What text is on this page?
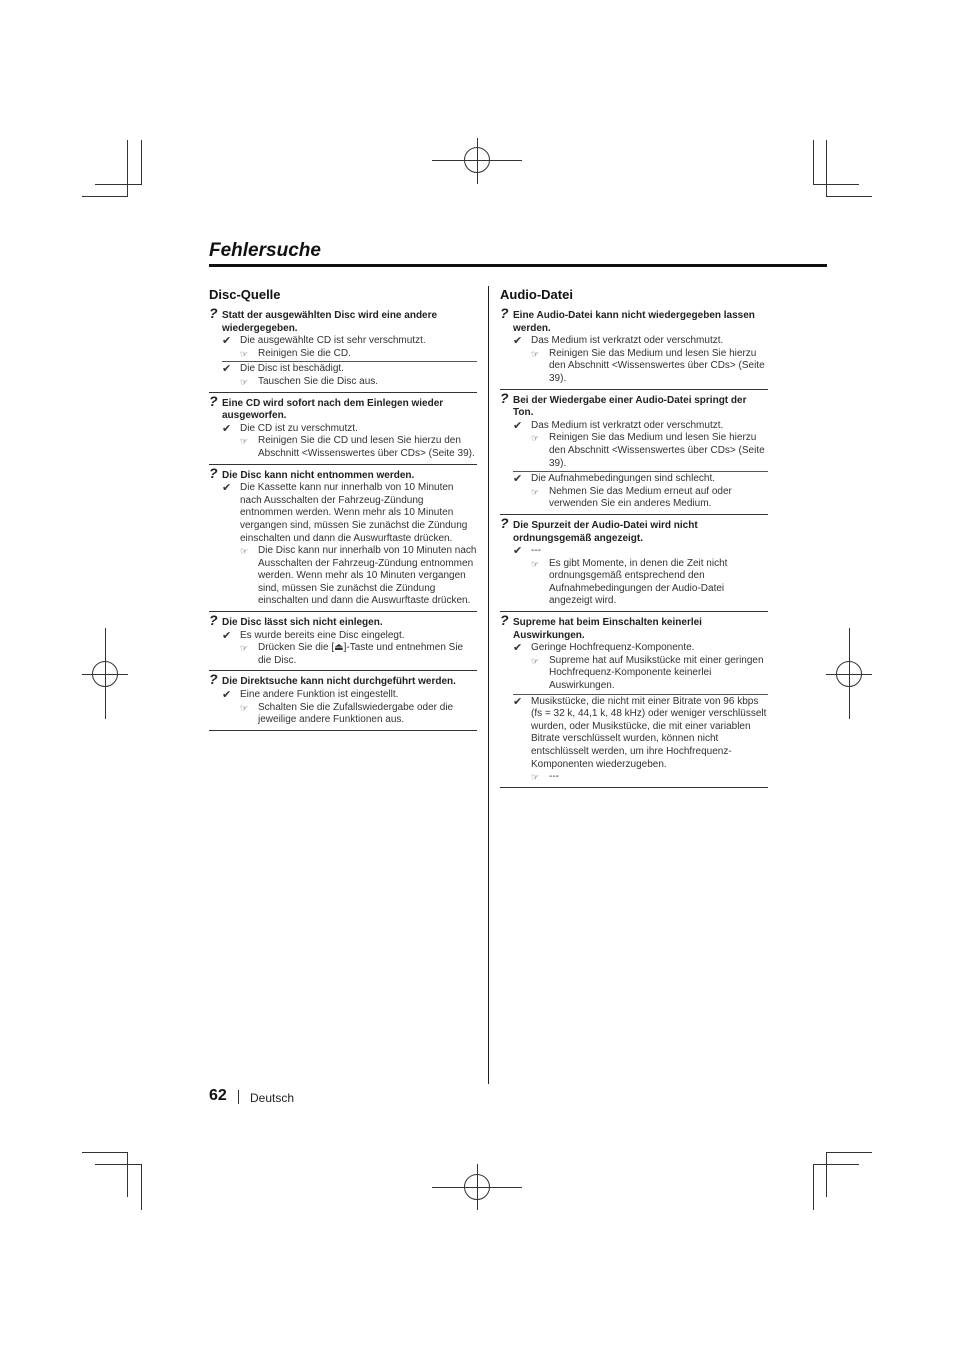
Fehlersuche
Disc-Quelle
? Statt der ausgewählten Disc wird eine andere wiedergegeben.
✔ Die ausgewählte CD ist sehr verschmutzt.
☞ Reinigen Sie die CD.
✔ Die Disc ist beschädigt.
☞ Tauschen Sie die Disc aus.
? Eine CD wird sofort nach dem Einlegen wieder ausgeworfen.
✔ Die CD ist zu verschmutzt.
☞ Reinigen Sie die CD und lesen Sie hierzu den Abschnitt <Wissenswertes über CDs> (Seite 39).
? Die Disc kann nicht entnommen werden.
✔ Die Kassette kann nur innerhalb von 10 Minuten nach Ausschalten der Fahrzeug-Zündung entnommen werden. Wenn mehr als 10 Minuten vergangen sind, müssen Sie zunächst die Zündung einschalten und dann die Auswurftaste drücken.
☞ Die Disc kann nur innerhalb von 10 Minuten nach Ausschalten der Fahrzeug-Zündung entnommen werden. Wenn mehr als 10 Minuten vergangen sind, müssen Sie zunächst die Zündung einschalten und dann die Auswurftaste drücken.
? Die Disc lässt sich nicht einlegen.
✔ Es wurde bereits eine Disc eingelegt.
☞ Drücken Sie die [⏏]-Taste und entnehmen Sie die Disc.
? Die Direktsuche kann nicht durchgeführt werden.
✔ Eine andere Funktion ist eingestellt.
☞ Schalten Sie die Zufallswiedergabe oder die jeweilige andere Funktionen aus.
Audio-Datei
? Eine Audio-Datei kann nicht wiedergegeben lassen werden.
✔ Das Medium ist verkratzt oder verschmutzt.
☞ Reinigen Sie das Medium und lesen Sie hierzu den Abschnitt <Wissenswertes über CDs> (Seite 39).
? Bei der Wiedergabe einer Audio-Datei springt der Ton.
✔ Das Medium ist verkratzt oder verschmutzt.
☞ Reinigen Sie das Medium und lesen Sie hierzu den Abschnitt <Wissenswertes über CDs> (Seite 39).
✔ Die Aufnahmebedingungen sind schlecht.
☞ Nehmen Sie das Medium erneut auf oder verwenden Sie ein anderes Medium.
? Die Spurzeit der Audio-Datei wird nicht ordnungsgemäß angezeigt.
✔ ---
☞ Es gibt Momente, in denen die Zeit nicht ordnungsgemäß entsprechend den Aufnahmebedingungen der Audio-Datei angezeigt wird.
? Supreme hat beim Einschalten keinerlei Auswirkungen.
✔ Geringe Hochfrequenz-Komponente.
☞ Supreme hat auf Musikstücke mit einer geringen Hochfrequenz-Komponente keinerlei Auswirkungen.
✔ Musikstücke, die nicht mit einer Bitrate von 96 kbps (fs = 32 k, 44,1 k, 48 kHz) oder weniger verschlüsselt wurden, oder Musikstücke, die mit einer variablen Bitrate verschlüsselt wurden, können nicht entschlüsselt werden, um ihre Hochfrequenz-Komponenten wiederzugeben.
☞ ---
62 Deutsch
